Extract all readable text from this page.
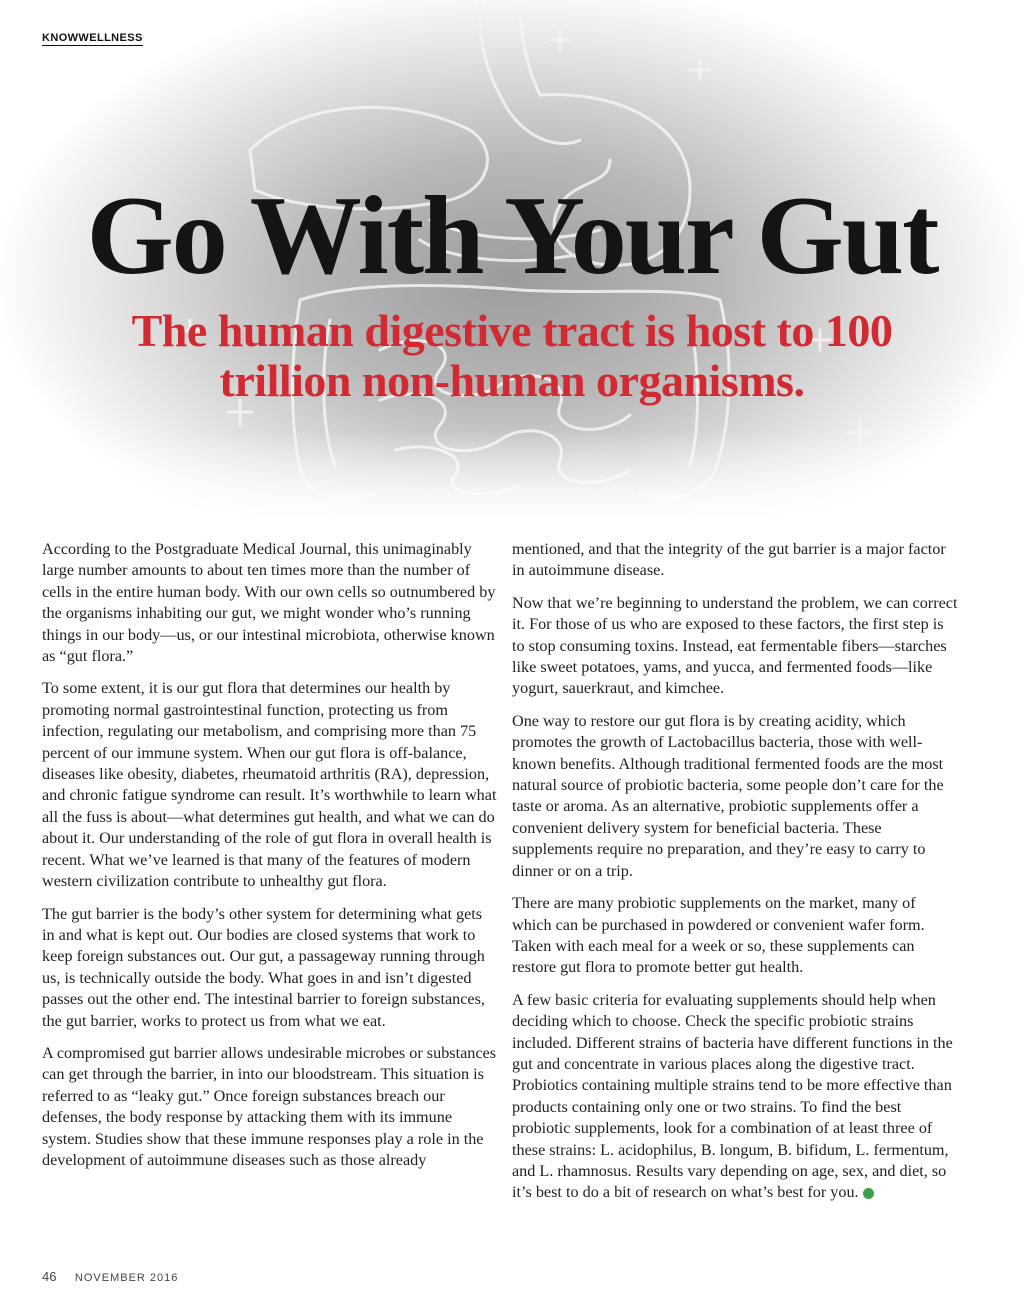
KNOWWELLNESS
Go With Your Gut
The human digestive tract is host to 100 trillion non-human organisms.

According to the Postgraduate Medical Journal, this unimaginably large number amounts to about ten times more than the number of cells in the entire human body. With our own cells so outnumbered by the organisms inhabiting our gut, we might wonder who’s running things in our body—us, or our intestinal microbiota, otherwise known as “gut flora.”

To some extent, it is our gut flora that determines our health by promoting normal gastrointestinal function, protecting us from infection, regulating our metabolism, and comprising more than 75 percent of our immune system. When our gut flora is off-balance, diseases like obesity, diabetes, rheumatoid arthritis (RA), depression, and chronic fatigue syndrome can result. It’s worthwhile to learn what all the fuss is about—what determines gut health, and what we can do about it. Our understanding of the role of gut flora in overall health is recent. What we’ve learned is that many of the features of modern western civilization contribute to unhealthy gut flora.

The gut barrier is the body’s other system for determining what gets in and what is kept out. Our bodies are closed systems that work to keep foreign substances out. Our gut, a passageway running through us, is technically outside the body. What goes in and isn’t digested passes out the other end. The intestinal barrier to foreign substances, the gut barrier, works to protect us from what we eat.

A compromised gut barrier allows undesirable microbes or substances can get through the barrier, in into our bloodstream. This situation is referred to as “leaky gut.” Once foreign substances breach our defenses, the body response by attacking them with its immune system. Studies show that these immune responses play a role in the development of autoimmune diseases such as those already

mentioned, and that the integrity of the gut barrier is a major factor in autoimmune disease.

Now that we’re beginning to understand the problem, we can correct it. For those of us who are exposed to these factors, the first step is to stop consuming toxins. Instead, eat fermentable fibers—starches like sweet potatoes, yams, and yucca, and fermented foods—like yogurt, sauerkraut, and kimchee.

One way to restore our gut flora is by creating acidity, which promotes the growth of Lactobacillus bacteria, those with well-known benefits. Although traditional fermented foods are the most natural source of probiotic bacteria, some people don’t care for the taste or aroma. As an alternative, probiotic supplements offer a convenient delivery system for beneficial bacteria. These supplements require no preparation, and they’re easy to carry to dinner or on a trip.

There are many probiotic supplements on the market, many of which can be purchased in powdered or convenient wafer form. Taken with each meal for a week or so, these supplements can restore gut flora to promote better gut health.

A few basic criteria for evaluating supplements should help when deciding which to choose. Check the specific probiotic strains included. Different strains of bacteria have different functions in the gut and concentrate in various places along the digestive tract. Probiotics containing multiple strains tend to be more effective than products containing only one or two strains. To find the best probiotic supplements, look for a combination of at least three of these strains: L. acidophilus, B. longum, B. bifidum, L. fermentum, and L. rhamnosus. Results vary depending on age, sex, and diet, so it’s best to do a bit of research on what’s best for you.

46 NOVEMBER 2016
